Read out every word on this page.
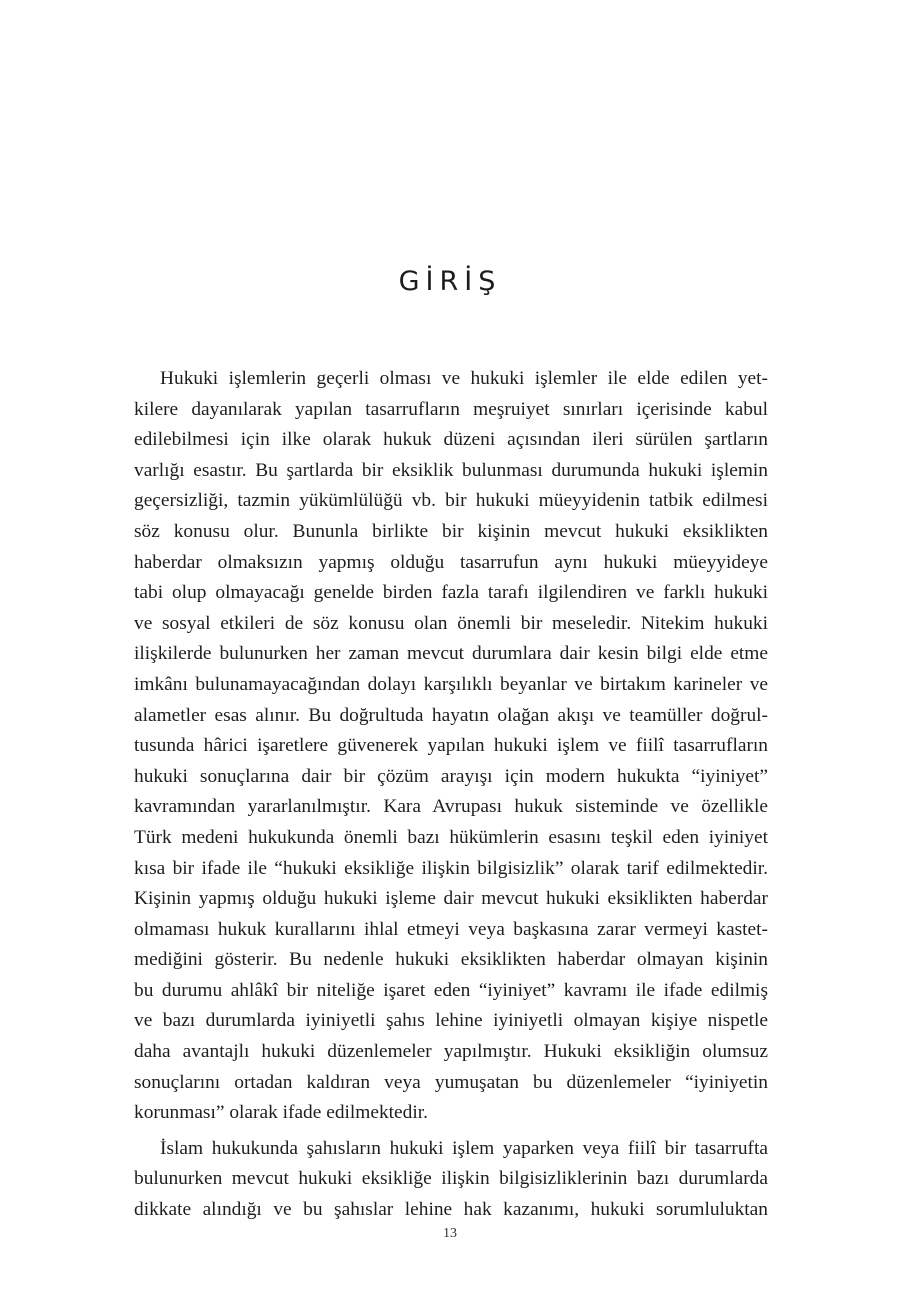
GİRİŞ
Hukuki işlemlerin geçerli olması ve hukuki işlemler ile elde edilen yet-
kilere dayanılarak yapılan tasarrufların meşruiyet sınırları içerisinde kabul
edilebilmesi için ilke olarak hukuk düzeni açısından ileri sürülen şartların
varlığı esastır. Bu şartlarda bir eksiklik bulunması durumunda hukuki işlemin
geçersizliği, tazmin yükümlülüğü vb. bir hukuki müeyyidenin tatbik edilmesi
söz konusu olur. Bununla birlikte bir kişinin mevcut hukuki eksiklikten
haberdar olmaksızın yapmış olduğu tasarrufun aynı hukuki müeyyideye
tabi olup olmayacağı genelde birden fazla tarafı ilgilendiren ve farklı hukuki
ve sosyal etkileri de söz konusu olan önemli bir meseledir. Nitekim hukuki
ilişkilerde bulunurken her zaman mevcut durumlara dair kesin bilgi elde etme
imkânı bulunamayacağından dolayı karşılıklı beyanlar ve birtakım karineler ve
alametler esas alınır. Bu doğrultuda hayatın olağan akışı ve teamüller doğrul-
tusunda hârici işaretlere güvenerek yapılan hukuki işlem ve fiilî tasarrufların
hukuki sonuçlarına dair bir çözüm arayışı için modern hukukta “iyiniyet”
kavramından yararlanılmıştır. Kara Avrupası hukuk sisteminde ve özellikle
Türk medeni hukukunda önemli bazı hükümlerin esasını teşkil eden iyiniyet
kısa bir ifade ile “hukuki eksikliğe ilişkin bilgisizlik” olarak tarif edilmektedir.
Kişinin yapmış olduğu hukuki işleme dair mevcut hukuki eksiklikten haberdar
olmaması hukuk kurallarını ihlal etmeyi veya başkasına zarar vermeyi kastet-
mediğini gösterir. Bu nedenle hukuki eksiklikten haberdar olmayan kişinin
bu durumu ahlâkî bir niteliğe işaret eden “iyiniyet” kavramı ile ifade edilmiş
ve bazı durumlarda iyiniyetli şahıs lehine iyiniyetli olmayan kişiye nispetle
daha avantajlı hukuki düzenlemeler yapılmıştır. Hukuki eksikliğin olumsuz
sonuçlarını ortadan kaldıran veya yumuşatan bu düzenlemeler “iyiniyetin
korunması” olarak ifade edilmektedir.
İslam hukukunda şahısların hukuki işlem yaparken veya fiilî bir tasarrufta
bulunurken mevcut hukuki eksikliğe ilişkin bilgisizliklerinin bazı durumlarda
dikkate alındığı ve bu şahıslar lehine hak kazanımı, hukuki sorumluluktan
13
